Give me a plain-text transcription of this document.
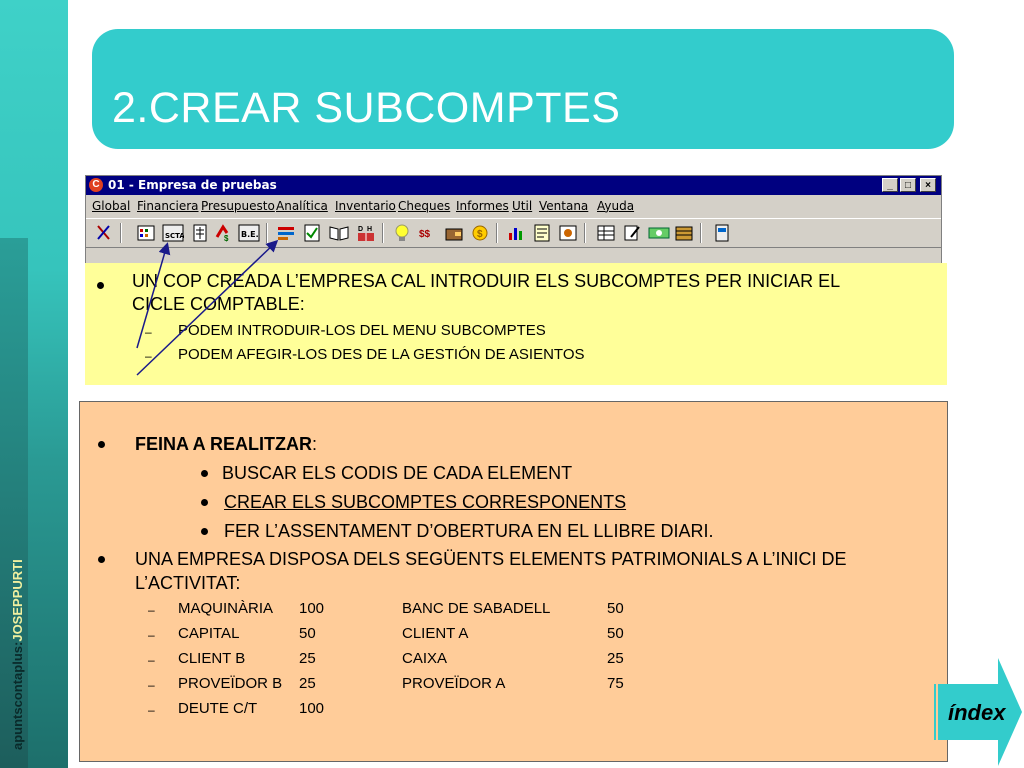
apuntscontaplus:JOSEPPURTI
2.CREAR SUBCOMPTES
C 01 - Empresa de pruebas	_	□	×
Global Financiera Presupuesto Analítica Inventario Cheques Informes Util Ventana Ayuda
SCTA	$ B.E.
D H	$$	$
UN COP CREADA L’EMPRESA CAL INTRODUIR ELS SUBCOMPTES PER INICIAR EL
CICLE COMPTABLE:
– PODEM INTRODUIR-LOS DEL MENU SUBCOMPTES
– PODEM AFEGIR-LOS DES DE LA GESTIÓN DE ASIENTOS
FEINA A REALITZAR:
BUSCAR ELS CODIS DE CADA ELEMENT
CREAR ELS SUBCOMPTES CORRESPONENTS
FER L’ASSENTAMENT D’OBERTURA EN EL LLIBRE DIARI.
UNA EMPRESA DISPOSA DELS SEGÜENTS ELEMENTS PATRIMONIALS A L’INICI DE
L’ACTIVITAT:
– MAQUINÀRIA 100	BANC DE SABADELL	50
– CAPITAL	50	CLIENT A	50
– CLIENT B	25	CAIXA	25
– PROVEÏDOR B 25	PROVEÏDOR A	75
– DEUTE C/T	100	índex
